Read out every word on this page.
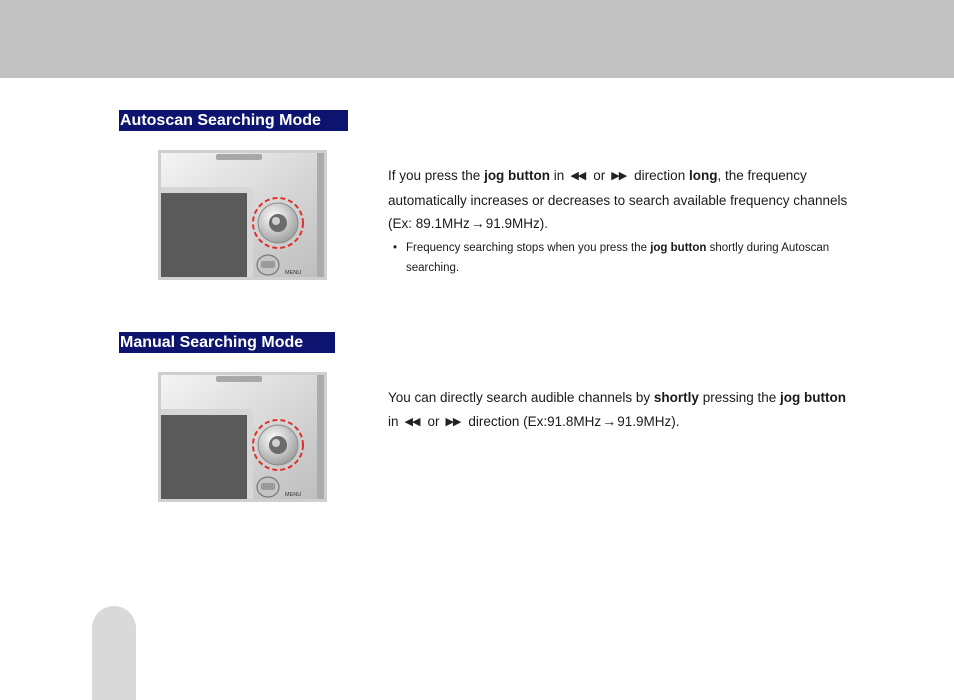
Autoscan Searching Mode
MENU
If you press the jog button in ◀◀ or ▶▶ direction long, the frequency automatically increases or decreases to search available frequency channels (Ex: 89.1MHz→91.9MHz).
• Frequency searching stops when you press the jog button shortly during Autoscan searching.
Manual Searching Mode
MENU
You can directly search audible channels by shortly pressing the jog button in ◀◀ or ▶▶ direction (Ex:91.8MHz→91.9MHz).
